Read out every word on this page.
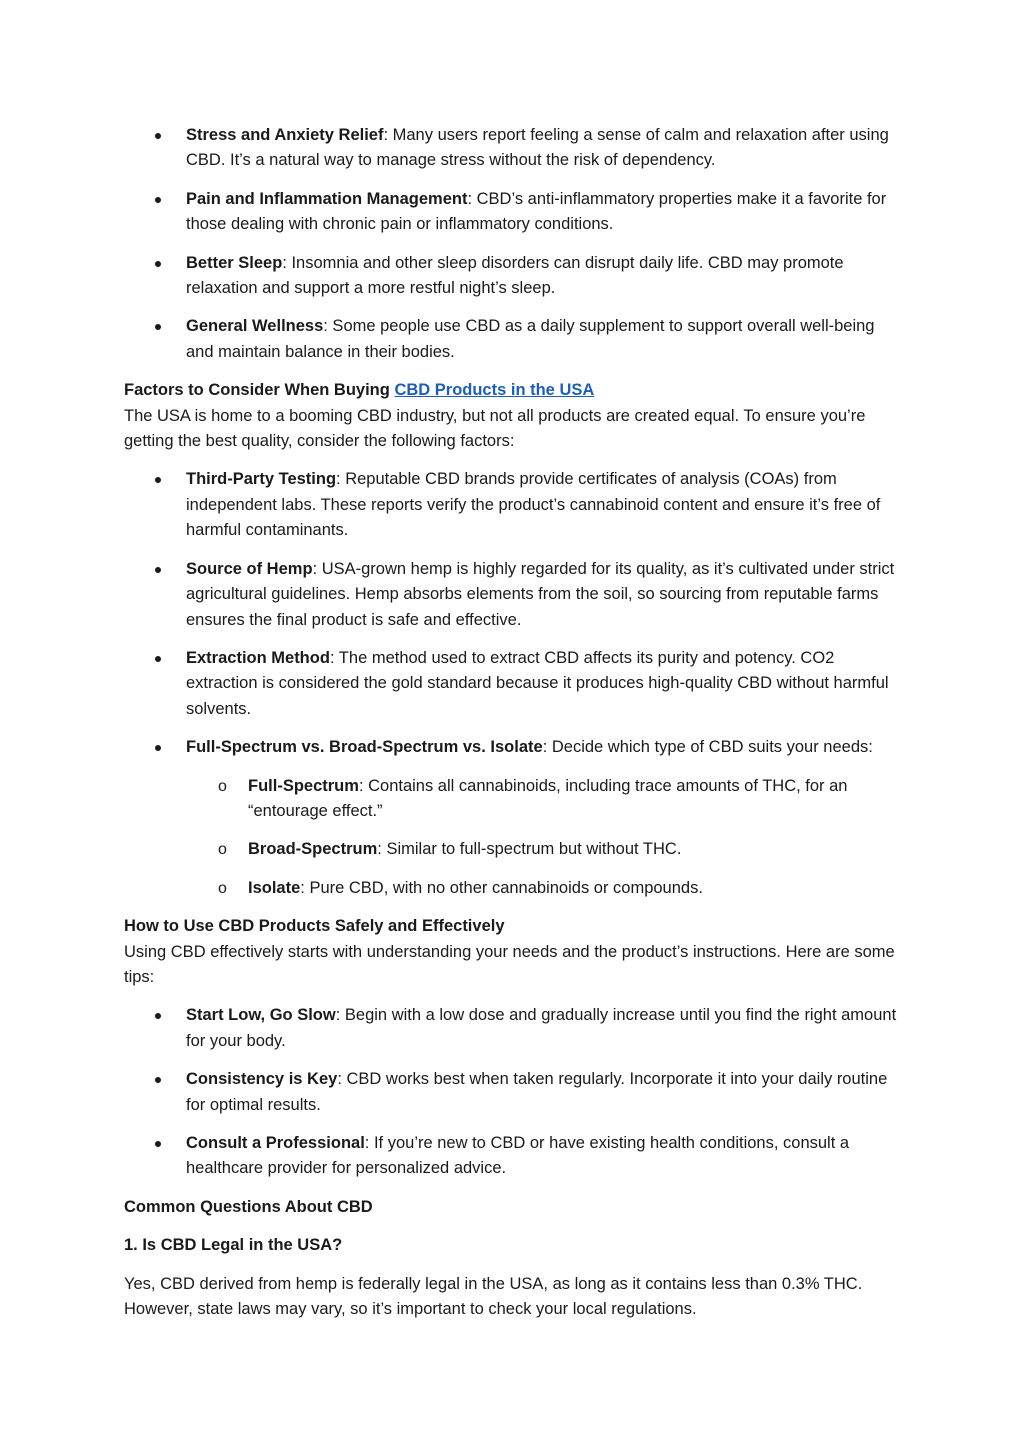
Stress and Anxiety Relief: Many users report feeling a sense of calm and relaxation after using CBD. It’s a natural way to manage stress without the risk of dependency.
Pain and Inflammation Management: CBD’s anti-inflammatory properties make it a favorite for those dealing with chronic pain or inflammatory conditions.
Better Sleep: Insomnia and other sleep disorders can disrupt daily life. CBD may promote relaxation and support a more restful night’s sleep.
General Wellness: Some people use CBD as a daily supplement to support overall well-being and maintain balance in their bodies.

Factors to Consider When Buying CBD Products in the USA

The USA is home to a booming CBD industry, but not all products are created equal. To ensure you’re getting the best quality, consider the following factors:

Third-Party Testing: Reputable CBD brands provide certificates of analysis (COAs) from independent labs. These reports verify the product’s cannabinoid content and ensure it’s free of harmful contaminants.
Source of Hemp: USA-grown hemp is highly regarded for its quality, as it’s cultivated under strict agricultural guidelines. Hemp absorbs elements from the soil, so sourcing from reputable farms ensures the final product is safe and effective.
Extraction Method: The method used to extract CBD affects its purity and potency. CO2 extraction is considered the gold standard because it produces high-quality CBD without harmful solvents.
Full-Spectrum vs. Broad-Spectrum vs. Isolate: Decide which type of CBD suits your needs:
o Full-Spectrum: Contains all cannabinoids, including trace amounts of THC, for an “entourage effect.”
o Broad-Spectrum: Similar to full-spectrum but without THC.
o Isolate: Pure CBD, with no other cannabinoids or compounds.

How to Use CBD Products Safely and Effectively

Using CBD effectively starts with understanding your needs and the product’s instructions. Here are some tips:

Start Low, Go Slow: Begin with a low dose and gradually increase until you find the right amount for your body.
Consistency is Key: CBD works best when taken regularly. Incorporate it into your daily routine for optimal results.
Consult a Professional: If you’re new to CBD or have existing health conditions, consult a healthcare provider for personalized advice.

Common Questions About CBD

1. Is CBD Legal in the USA?

Yes, CBD derived from hemp is federally legal in the USA, as long as it contains less than 0.3% THC. However, state laws may vary, so it’s important to check your local regulations.
